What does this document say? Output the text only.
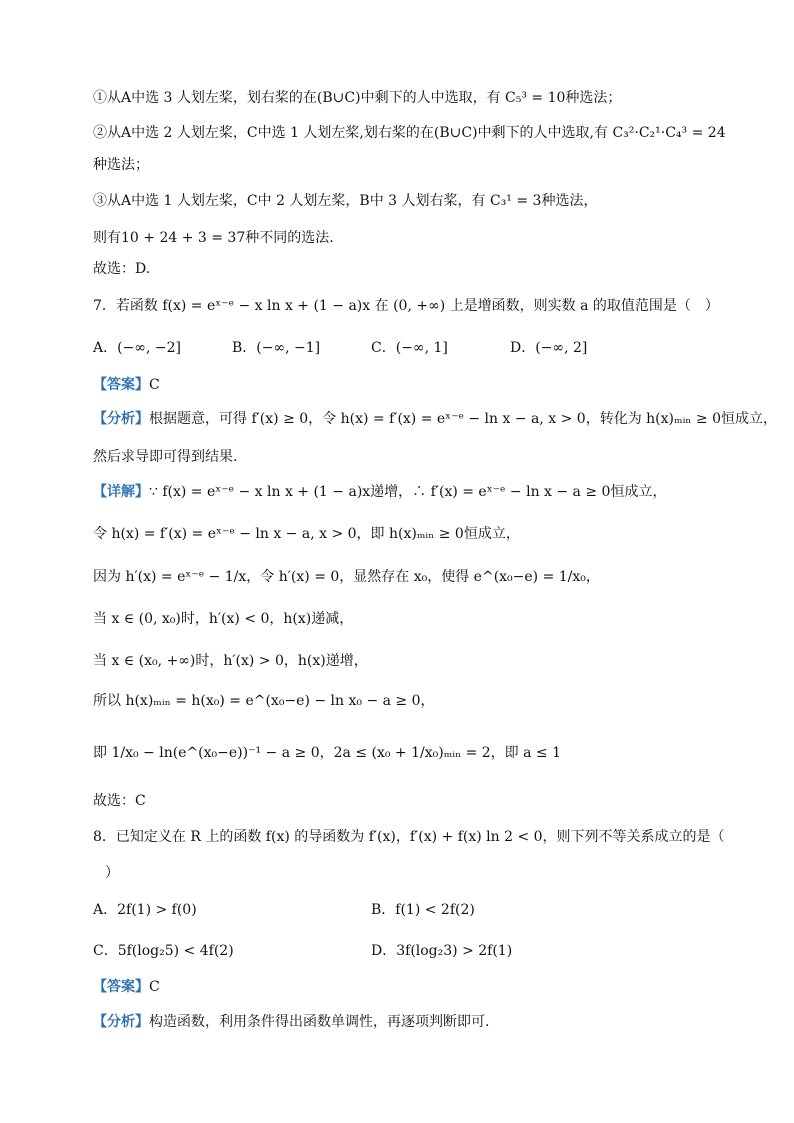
①从A中选 3 人划左桨，划右桨的在(B∪C)中剩下的人中选取，有 C₅³ = 10种选法；
②从A中选 2 人划左桨，C中选 1 人划左桨,划右桨的在(B∪C)中剩下的人中选取,有 C₃²·C₂¹·C₄³ = 24
种选法；
③从A中选 1 人划左桨，C中 2 人划左桨，B中 3 人划右桨，有 C₃¹ = 3种选法，
则有10 + 24 + 3 = 37种不同的选法.
故选：D.
7．若函数 f(x) = eˣ⁻ᵉ − x ln x + (1 − a)x 在 (0, +∞) 上是增函数，则实数 a 的取值范围是（　）
A．(−∞, −2]	B．(−∞, −1]	C．(−∞, 1]	D．(−∞, 2]
【答案】C
【分析】根据题意，可得 f′(x) ≥ 0，令 h(x) = f′(x) = eˣ⁻ᵉ − ln x − a, x > 0，转化为 h(x)ₘᵢₙ ≥ 0恒成立，
然后求导即可得到结果.
【详解】∵ f(x) = eˣ⁻ᵉ − x ln x + (1 − a)x递增，∴ f′(x) = eˣ⁻ᵉ − ln x − a ≥ 0恒成立，
令 h(x) = f′(x) = eˣ⁻ᵉ − ln x − a, x > 0，即 h(x)ₘᵢₙ ≥ 0恒成立，
因为 h′(x) = eˣ⁻ᵉ − 1/x，令 h′(x) = 0，显然存在 x₀，使得 e^(x₀−e) = 1/x₀，
当 x ∈ (0, x₀)时，h′(x) < 0，h(x)递减，
当 x ∈ (x₀, +∞)时，h′(x) > 0，h(x)递增，
所以 h(x)ₘᵢₙ = h(x₀) = e^(x₀−e) − ln x₀ − a ≥ 0，
即 1/x₀ − ln(e^(x₀−e))⁻¹ − a ≥ 0，2a ≤ (x₀ + 1/x₀)ₘᵢₙ = 2，即 a ≤ 1
故选：C
8．已知定义在 R 上的函数 f(x) 的导函数为 f′(x)，f′(x) + f(x) ln 2 < 0，则下列不等关系成立的是（
）
A．2f(1) > f(0)	B．f(1) < 2f(2)
C．5f(log₂5) < 4f(2)	D．3f(log₂3) > 2f(1)
【答案】C
【分析】构造函数，利用条件得出函数单调性，再逐项判断即可.
